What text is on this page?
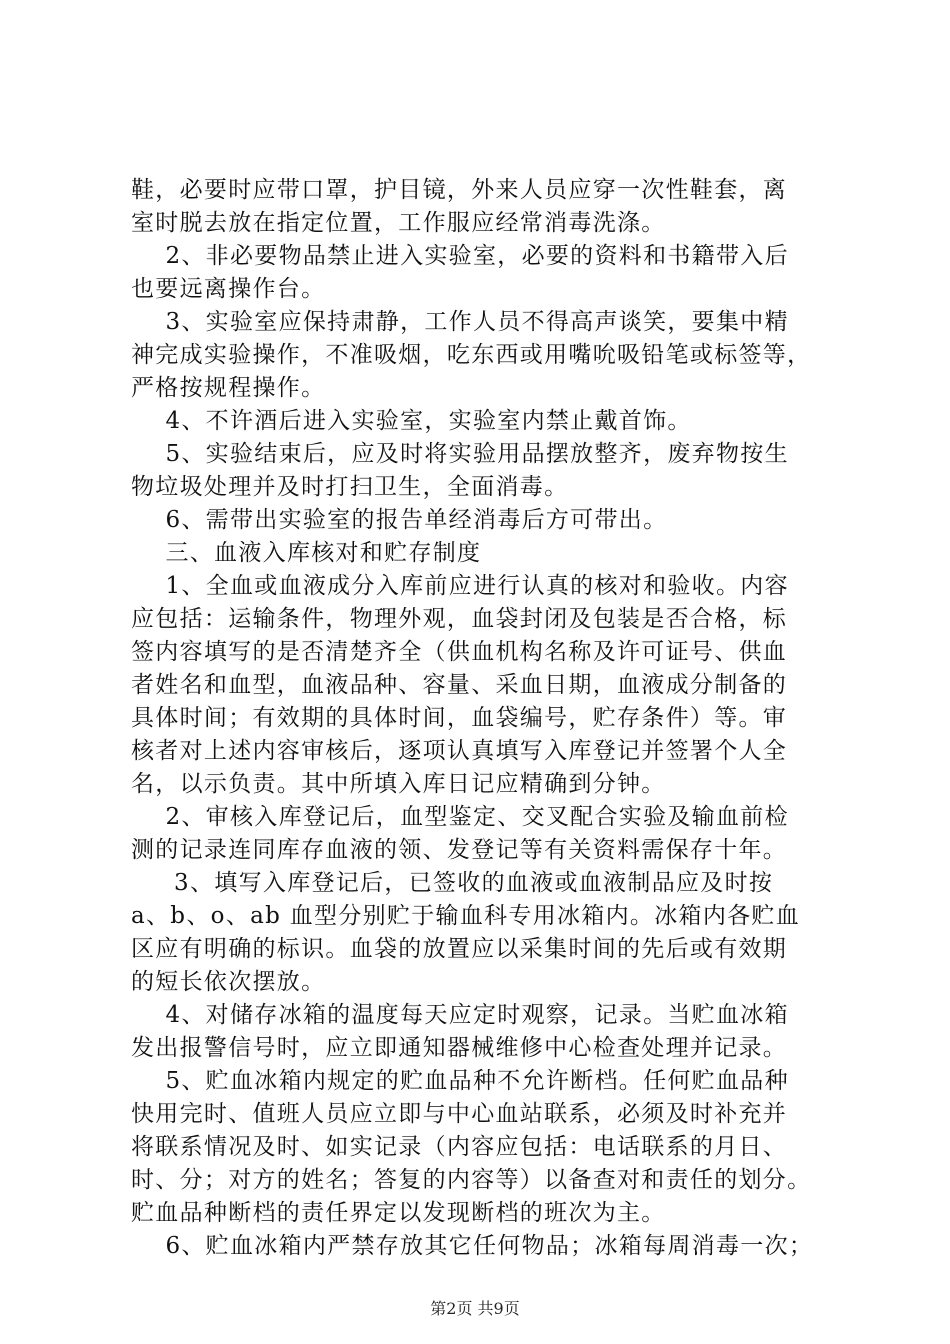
鞋，必要时应带口罩，护目镜，外来人员应穿一次性鞋套，离
室时脱去放在指定位置，工作服应经常消毒洗涤。
2、非必要物品禁止进入实验室，必要的资料和书籍带入后
也要远离操作台。
3、实验室应保持肃静，工作人员不得高声谈笑，要集中精
神完成实验操作，不准吸烟，吃东西或用嘴吮吸铅笔或标签等，
严格按规程操作。
4、不许酒后进入实验室，实验室内禁止戴首饰。
5、实验结束后，应及时将实验用品摆放整齐，废弃物按生
物垃圾处理并及时打扫卫生，全面消毒。
6、需带出实验室的报告单经消毒后方可带出。
三、血液入库核对和贮存制度
1、全血或血液成分入库前应进行认真的核对和验收。内容
应包括：运输条件，物理外观，血袋封闭及包装是否合格，标
签内容填写的是否清楚齐全（供血机构名称及许可证号、供血
者姓名和血型，血液品种、容量、采血日期，血液成分制备的
具体时间；有效期的具体时间，血袋编号，贮存条件）等。审
核者对上述内容审核后，逐项认真填写入库登记并签署个人全
名，以示负责。其中所填入库日记应精确到分钟。
2、审核入库登记后，血型鉴定、交叉配合实验及输血前检
测的记录连同库存血液的领、发登记等有关资料需保存十年。
3、填写入库登记后，已签收的血液或血液制品应及时按
a、b、o、ab 血型分别贮于输血科专用冰箱内。冰箱内各贮血
区应有明确的标识。血袋的放置应以采集时间的先后或有效期
的短长依次摆放。
4、对储存冰箱的温度每天应定时观察，记录。当贮血冰箱
发出报警信号时，应立即通知器械维修中心检查处理并记录。
5、贮血冰箱内规定的贮血品种不允许断档。任何贮血品种
快用完时、值班人员应立即与中心血站联系，必须及时补充并
将联系情况及时、如实记录（内容应包括：电话联系的月日、
时、分；对方的姓名；答复的内容等）以备查对和责任的划分。
贮血品种断档的责任界定以发现断档的班次为主。
6、贮血冰箱内严禁存放其它任何物品；冰箱每周消毒一次；
第2页 共9页
